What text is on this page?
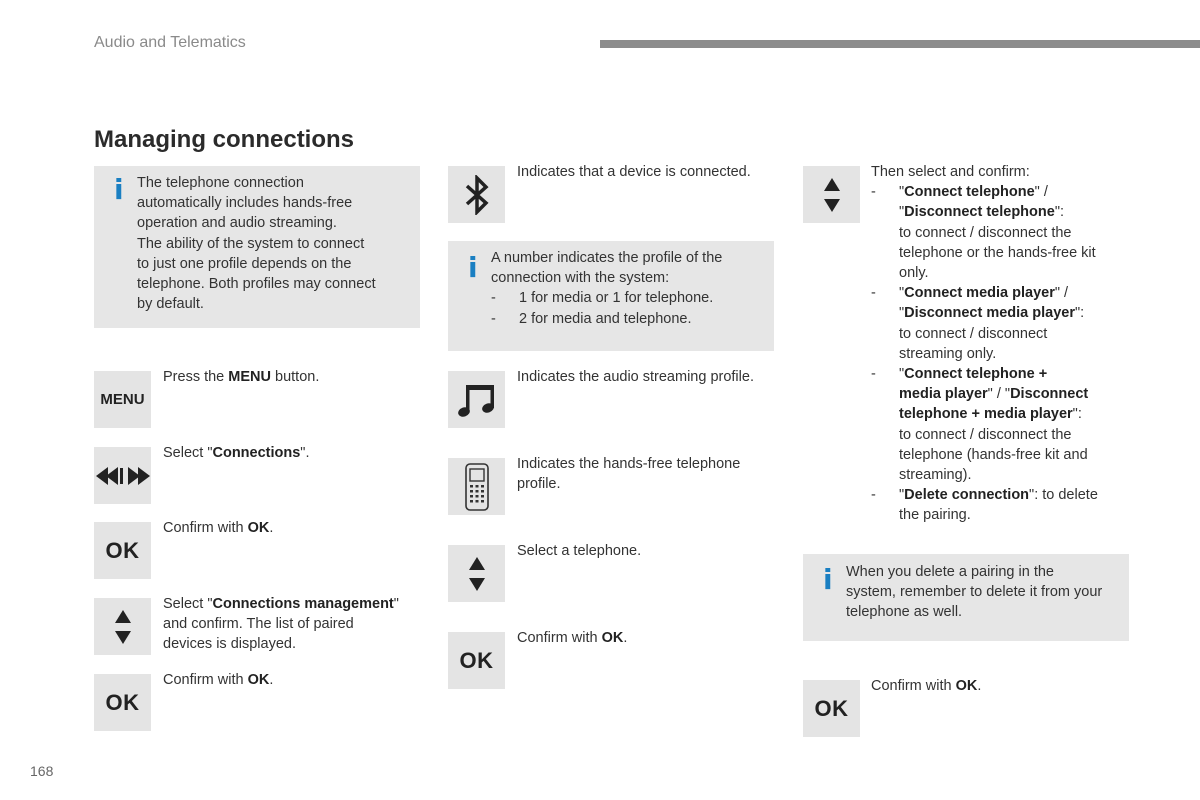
Audio and Telematics
Managing connections
i The telephone connection
automatically includes hands-free
operation and audio streaming.
The ability of the system to connect
to just one profile depends on the
telephone. Both profiles may connect
by default.
MENU
Press the MENU button.
Select "Connections".
OK
Confirm with OK.
Select "Connections management"
and confirm. The list of paired
devices is displayed.
OK
Confirm with OK.
Indicates that a device is connected.
i A number indicates the profile of the
connection with the system:
- 1 for media or 1 for telephone.
- 2 for media and telephone.
Indicates the audio streaming profile.
Indicates the hands-free telephone
profile.
Select a telephone.
OK
Confirm with OK.
Then select and confirm:
- "Connect telephone" /
"Disconnect telephone":
to connect / disconnect the
telephone or the hands-free kit
only.
- "Connect media player" /
"Disconnect media player":
to connect / disconnect
streaming only.
- "Connect telephone +
media player" / "Disconnect
telephone + media player":
to connect / disconnect the
telephone (hands-free kit and
streaming).
- "Delete connection": to delete
the pairing.
i When you delete a pairing in the
system, remember to delete it from your
telephone as well.
OK
Confirm with OK.
168
